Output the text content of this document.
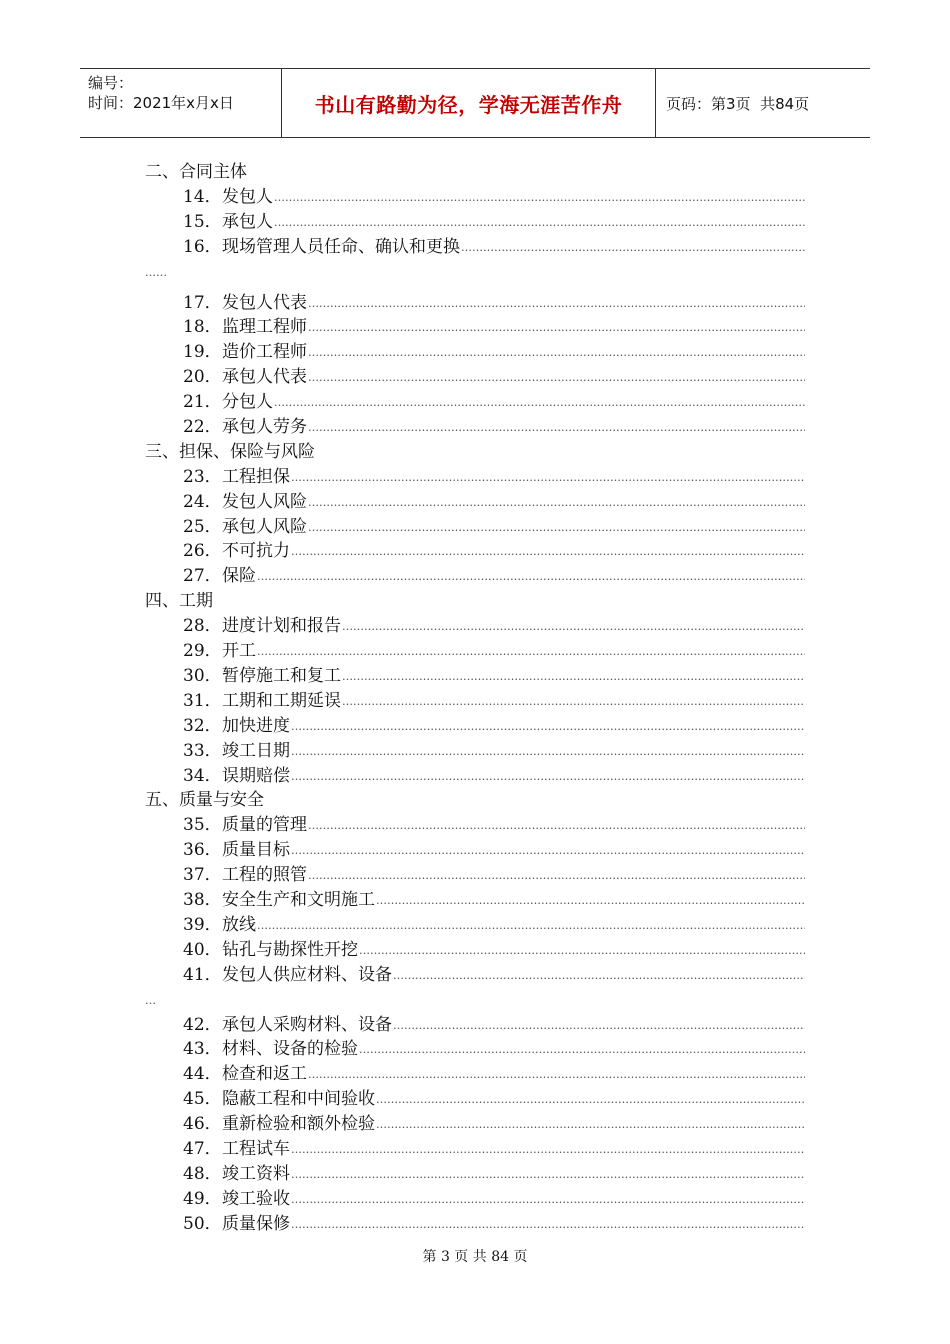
编号：
时间：2021年x月x日	书山有路勤为径，学海无涯苦作舟	页码：第3页  共84页
二、合同主体
14． 发包人
……………………………………………………………………………………………………………………………………………………………………………………
15． 承包人
……………………………………………………………………………………………………………………………………………………………………………………
16． 现场管理人员任命、确认和更换
……………………………………………………………………………………………………………………………………………………………………………………
……
17． 发包人代表
……………………………………………………………………………………………………………………………………………………………………………………
18． 监理工程师
……………………………………………………………………………………………………………………………………………………………………………………
19． 造价工程师
……………………………………………………………………………………………………………………………………………………………………………………
20． 承包人代表
……………………………………………………………………………………………………………………………………………………………………………………
21． 分包人
……………………………………………………………………………………………………………………………………………………………………………………
22． 承包人劳务
……………………………………………………………………………………………………………………………………………………………………………………
三、担保、保险与风险
23． 工程担保
……………………………………………………………………………………………………………………………………………………………………………………
24． 发包人风险
……………………………………………………………………………………………………………………………………………………………………………………
25． 承包人风险
……………………………………………………………………………………………………………………………………………………………………………………
26． 不可抗力
……………………………………………………………………………………………………………………………………………………………………………………
27． 保险
……………………………………………………………………………………………………………………………………………………………………………………
四、工期
28． 进度计划和报告
……………………………………………………………………………………………………………………………………………………………………………………
29． 开工
……………………………………………………………………………………………………………………………………………………………………………………
30． 暂停施工和复工
……………………………………………………………………………………………………………………………………………………………………………………
31． 工期和工期延误
……………………………………………………………………………………………………………………………………………………………………………………
32． 加快进度
……………………………………………………………………………………………………………………………………………………………………………………
33． 竣工日期
……………………………………………………………………………………………………………………………………………………………………………………
34． 误期赔偿
……………………………………………………………………………………………………………………………………………………………………………………
五、质量与安全
35． 质量的管理
……………………………………………………………………………………………………………………………………………………………………………………
36． 质量目标
……………………………………………………………………………………………………………………………………………………………………………………
37． 工程的照管
……………………………………………………………………………………………………………………………………………………………………………………
38． 安全生产和文明施工
……………………………………………………………………………………………………………………………………………………………………………………
39． 放线
……………………………………………………………………………………………………………………………………………………………………………………
40． 钻孔与勘探性开挖
……………………………………………………………………………………………………………………………………………………………………………………
41． 发包人供应材料、设备
……………………………………………………………………………………………………………………………………………………………………………………
…
42． 承包人采购材料、设备
……………………………………………………………………………………………………………………………………………………………………………………
43． 材料、设备的检验
……………………………………………………………………………………………………………………………………………………………………………………
44． 检查和返工
……………………………………………………………………………………………………………………………………………………………………………………
45． 隐蔽工程和中间验收
……………………………………………………………………………………………………………………………………………………………………………………
46． 重新检验和额外检验
……………………………………………………………………………………………………………………………………………………………………………………
47． 工程试车
……………………………………………………………………………………………………………………………………………………………………………………
48． 竣工资料
……………………………………………………………………………………………………………………………………………………………………………………
49． 竣工验收
……………………………………………………………………………………………………………………………………………………………………………………
50． 质量保修
……………………………………………………………………………………………………………………………………………………………………………………
第 3 页 共 84 页
